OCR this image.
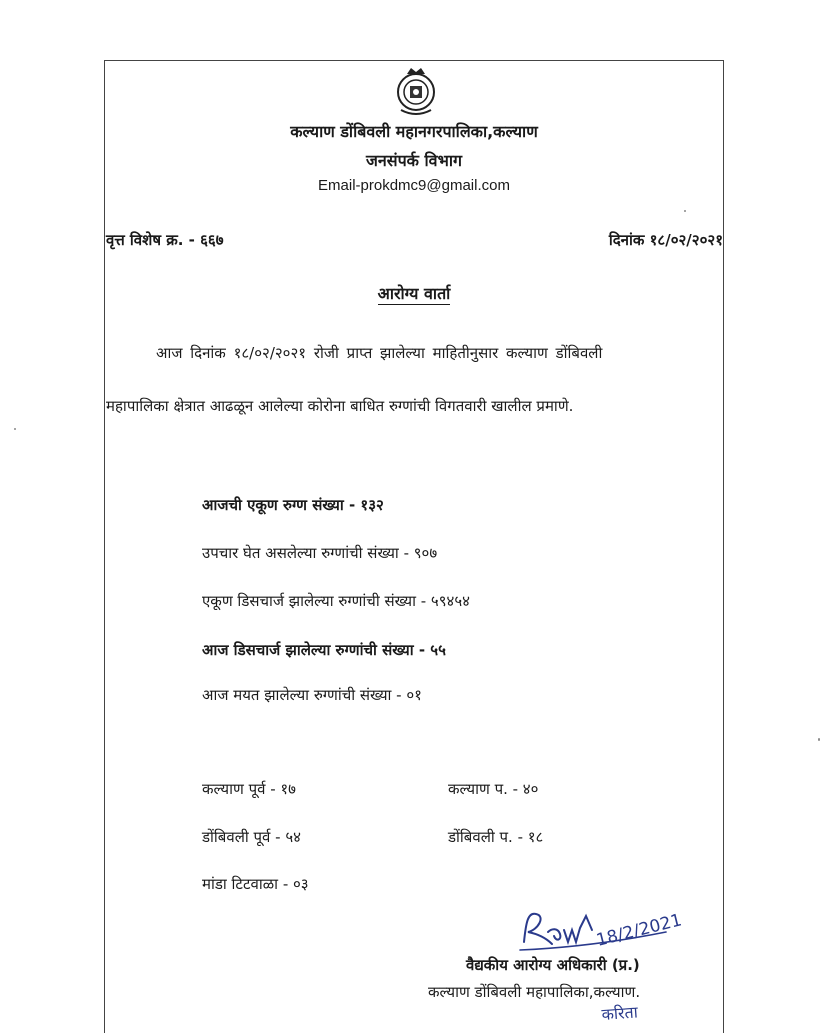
कल्याण डोंबिवली महानगरपालिका,कल्याण
जनसंपर्क विभाग
Email-prokdmc9@gmail.com
वृत्त विशेष क्र. - ६६७	दिनांक १८/०२/२०२१
आरोग्य वार्ता
आज दिनांक १८/०२/२०२१ रोजी प्राप्त झालेल्या माहितीनुसार कल्याण डोंबिवली
महापालिका क्षेत्रात आढळून आलेल्या कोरोना बाधित रुग्णांची विगतवारी खालील प्रमाणे.
आजची एकूण रुग्ण संख्या - १३२
उपचार घेत असलेल्या रुग्णांची संख्या - ९०७
एकूण डिसचार्ज झालेल्या रुग्णांची संख्या - ५९४५४
आज डिसचार्ज झालेल्या रुग्णांची संख्या - ५५
आज मयत झालेल्या रुग्णांची संख्या - ०१
कल्याण पूर्व - १७	कल्याण प. - ४०
डोंबिवली पूर्व - ५४	डोंबिवली प. - १८
मांडा टिटवाळा - ०३
18/2/2021
वैद्यकीय आरोग्य अधिकारी (प्र.)
कल्याण डोंबिवली महापालिका,कल्याण.
करिता
